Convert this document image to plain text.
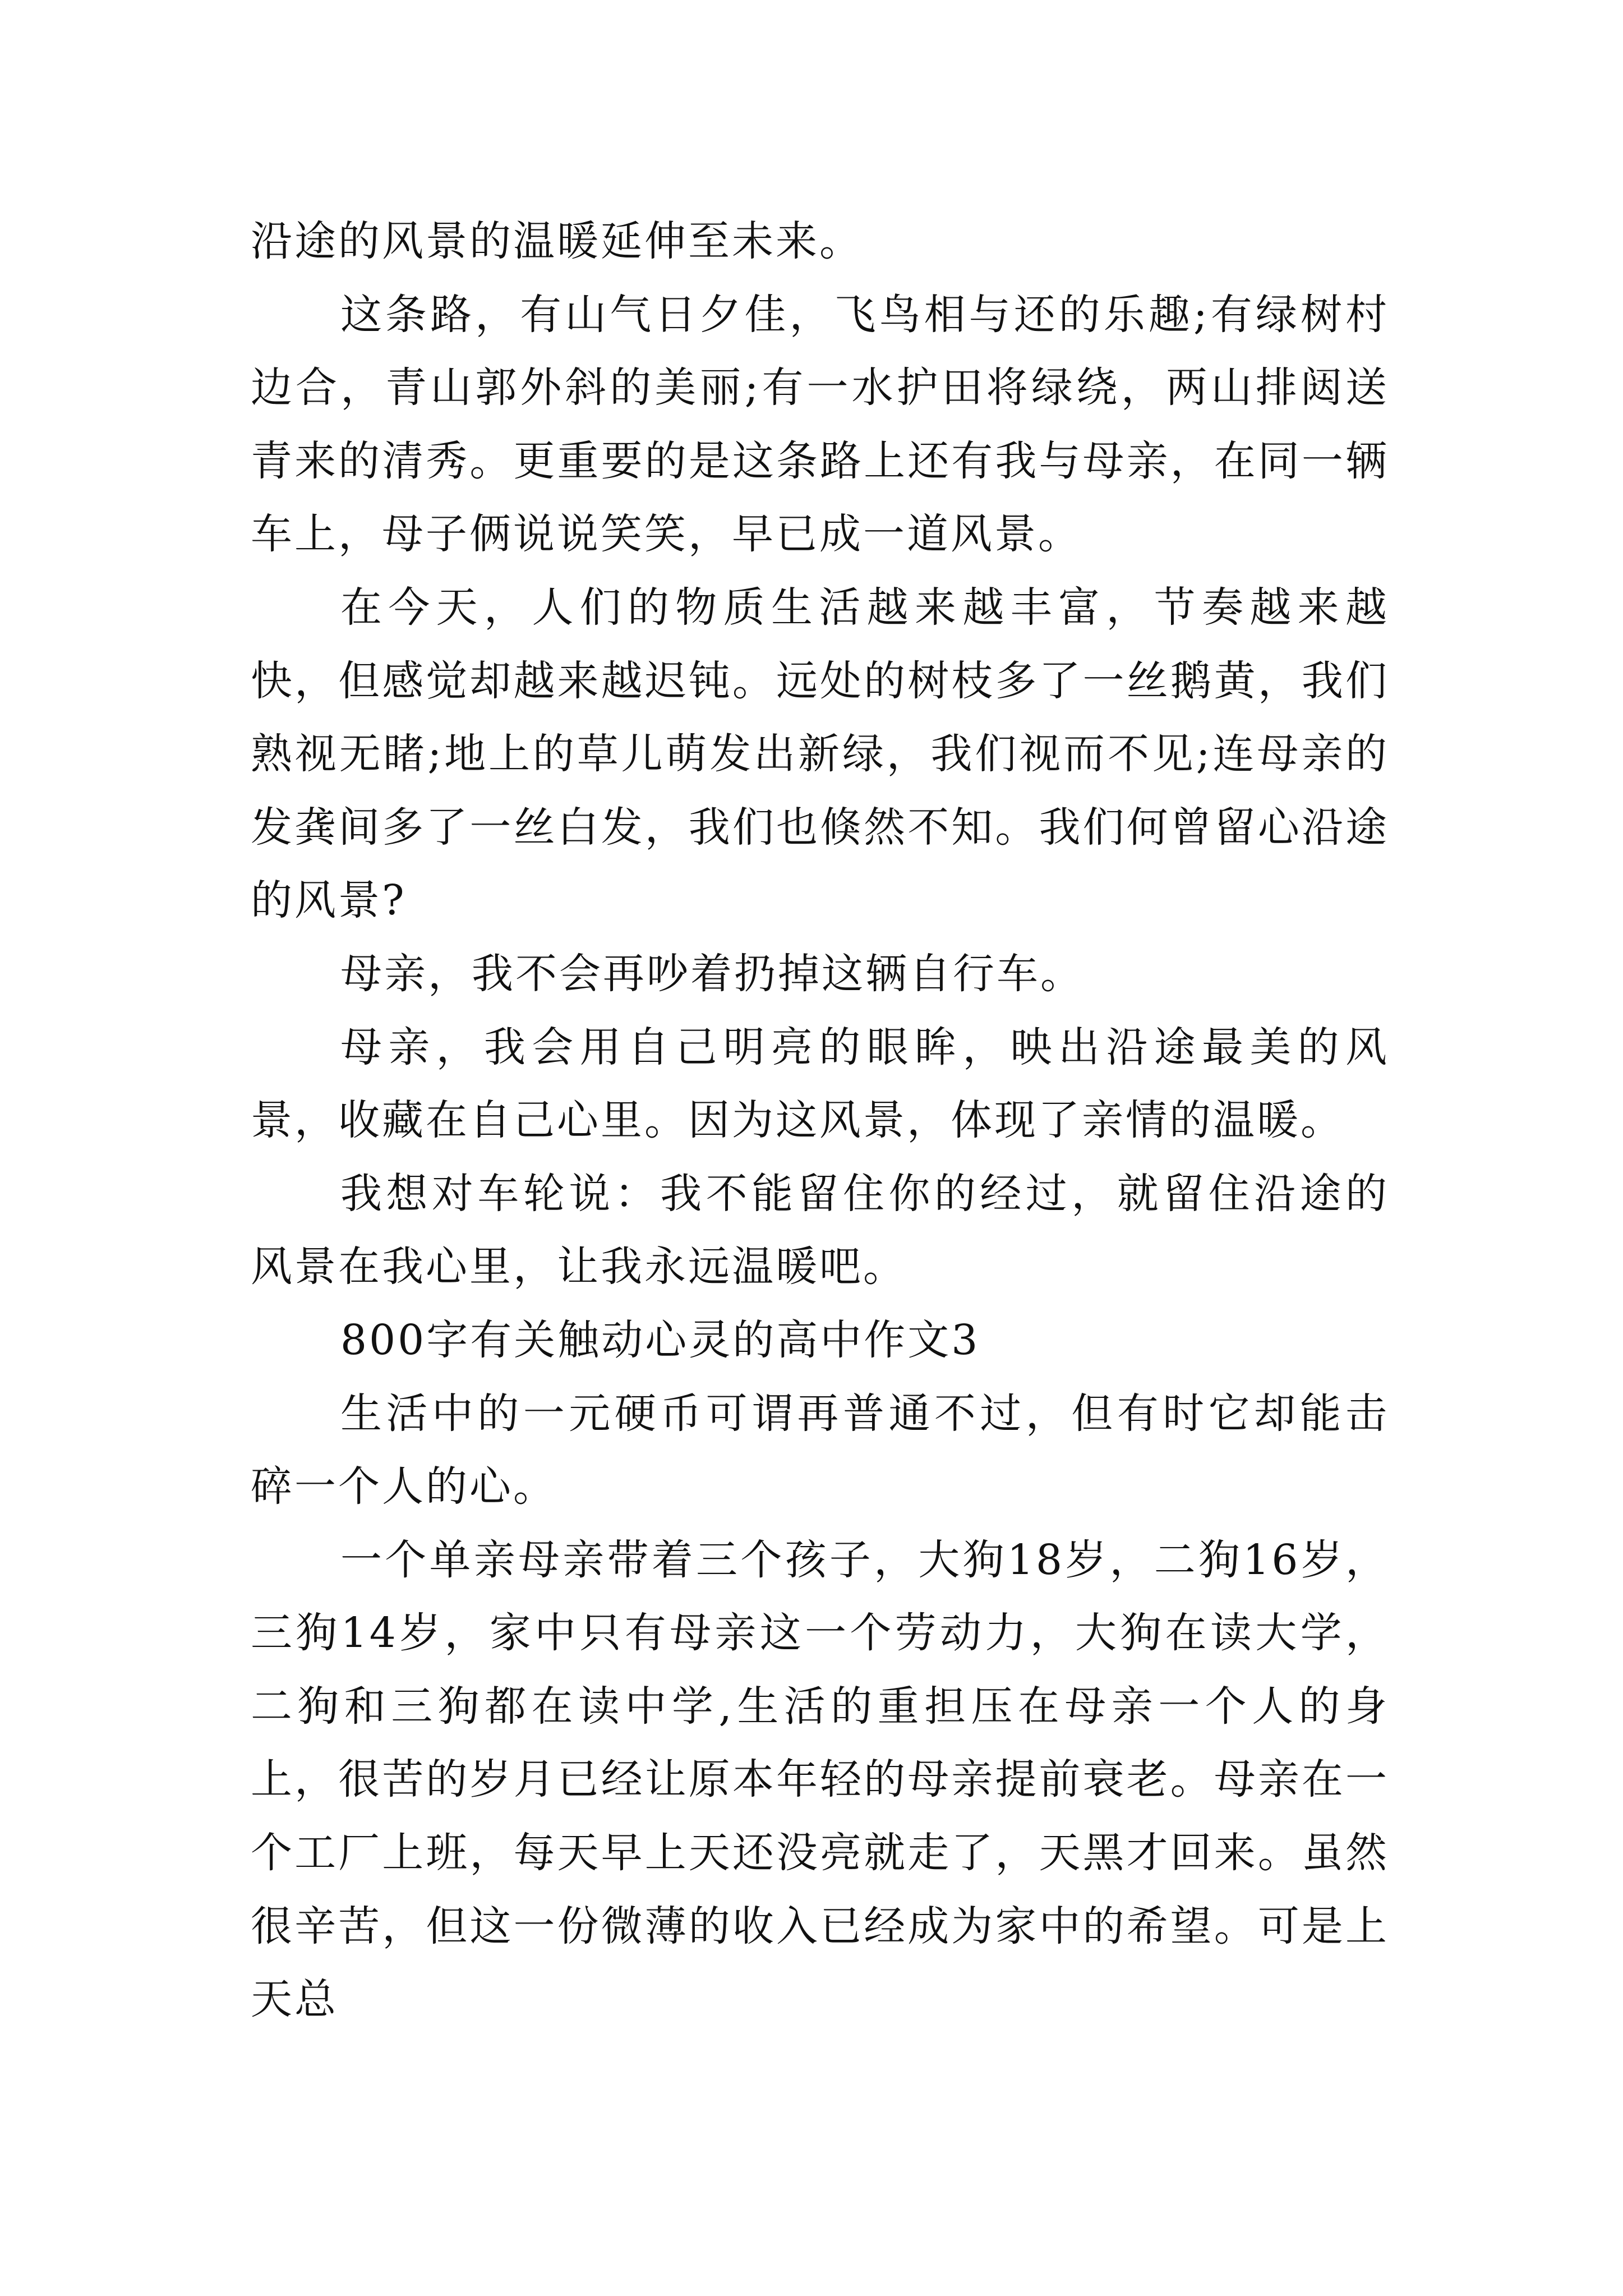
沿途的风景的温暖延伸至未来。

这条路，有山气日夕佳，飞鸟相与还的乐趣;有绿树村边合，青山郭外斜的美丽;有一水护田将绿绕，两山排闼送青来的清秀。更重要的是这条路上还有我与母亲，在同一辆车上，母子俩说说笑笑，早已成一道风景。

在今天，人们的物质生活越来越丰富，节奏越来越快，但感觉却越来越迟钝。远处的树枝多了一丝鹅黄，我们熟视无睹;地上的草儿萌发出新绿，我们视而不见;连母亲的发龚间多了一丝白发，我们也倏然不知。我们何曾留心沿途的风景?

母亲，我不会再吵着扔掉这辆自行车。

母亲，我会用自己明亮的眼眸，映出沿途最美的风景，收藏在自己心里。因为这风景，体现了亲情的温暖。

我想对车轮说：我不能留住你的经过，就留住沿途的风景在我心里，让我永远温暖吧。

800字有关触动心灵的高中作文3

生活中的一元硬币可谓再普通不过，但有时它却能击碎一个人的心。

一个单亲母亲带着三个孩子，大狗18岁，二狗16岁，三狗14岁，家中只有母亲这一个劳动力，大狗在读大学，二狗和三狗都在读中学,生活的重担压在母亲一个人的身上，很苦的岁月已经让原本年轻的母亲提前衰老。母亲在一个工厂上班，每天早上天还没亮就走了，天黑才回来。虽然很辛苦，但这一份微薄的收入已经成为家中的希望。可是上天总
